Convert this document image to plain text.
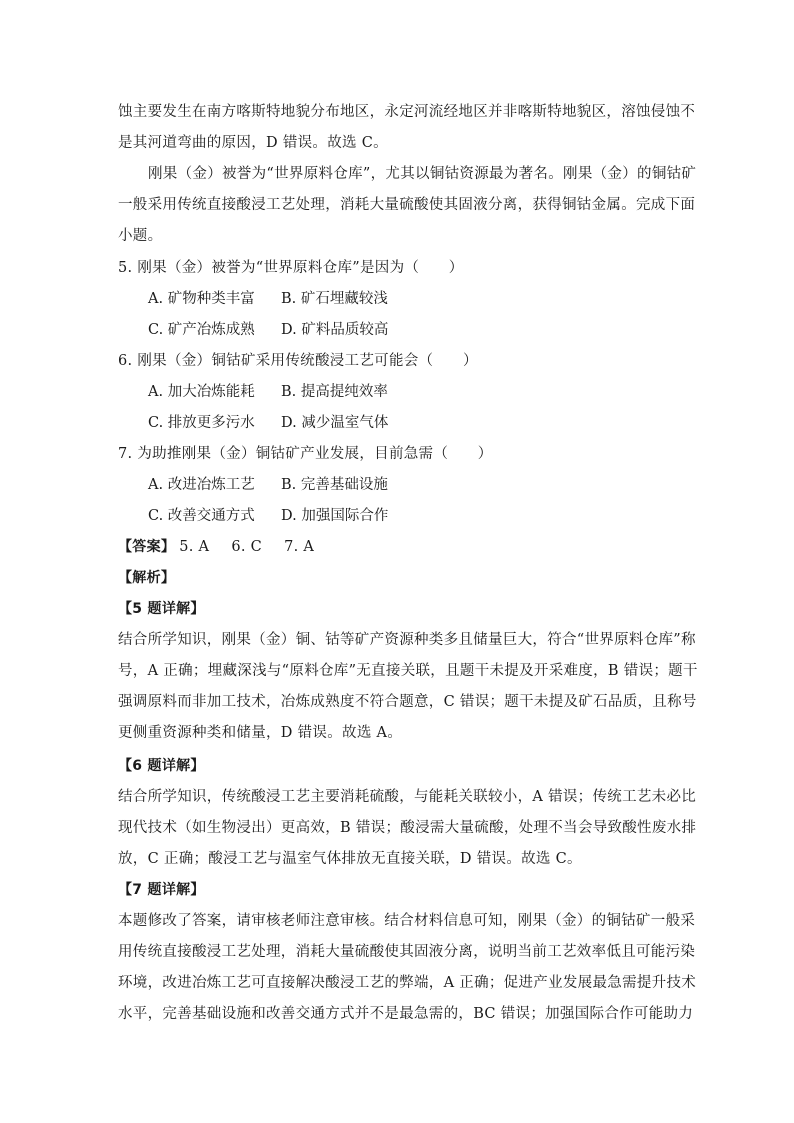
蚀主要发生在南方喀斯特地貌分布地区，永定河流经地区并非喀斯特地貌区，溶蚀侵蚀不
是其河道弯曲的原因，D 错误。故选 C。
刚果（金）被誉为“世界原料仓库”，尤其以铜钴资源最为著名。刚果（金）的铜钴矿
一般采用传统直接酸浸工艺处理，消耗大量硫酸使其固液分离，获得铜钴金属。完成下面
小题。
5. 刚果（金）被誉为“世界原料仓库”是因为（　　）
A. 矿物种类丰富 B. 矿石埋藏较浅
C. 矿产冶炼成熟 D. 矿料品质较高
6. 刚果（金）铜钴矿采用传统酸浸工艺可能会（　　）
A. 加大冶炼能耗 B. 提高提纯效率
C. 排放更多污水 D. 减少温室气体
7. 为助推刚果（金）铜钴矿产业发展，目前急需（　　）
A. 改进冶炼工艺 B. 完善基础设施
C. 改善交通方式 D. 加强国际合作
【答案】 5. A 6. C 7. A
【解析】
【5 题详解】
结合所学知识，刚果（金）铜、钴等矿产资源种类多且储量巨大，符合“世界原料仓库”称
号，A 正确；埋藏深浅与“原料仓库”无直接关联，且题干未提及开采难度，B 错误；题干
强调原料而非加工技术，冶炼成熟度不符合题意，C 错误；题干未提及矿石品质，且称号
更侧重资源种类和储量，D 错误。故选 A。
【6 题详解】
结合所学知识，传统酸浸工艺主要消耗硫酸，与能耗关联较小，A 错误；传统工艺未必比
现代技术（如生物浸出）更高效，B 错误；酸浸需大量硫酸，处理不当会导致酸性废水排
放，C 正确；酸浸工艺与温室气体排放无直接关联，D 错误。故选 C。
【7 题详解】
本题修改了答案，请审核老师注意审核。结合材料信息可知，刚果（金）的铜钴矿一般采
用传统直接酸浸工艺处理，消耗大量硫酸使其固液分离，说明当前工艺效率低且可能污染
环境，改进冶炼工艺可直接解决酸浸工艺的弊端，A 正确；促进产业发展最急需提升技术
水平，完善基础设施和改善交通方式并不是最急需的，BC 错误；加强国际合作可能助力
